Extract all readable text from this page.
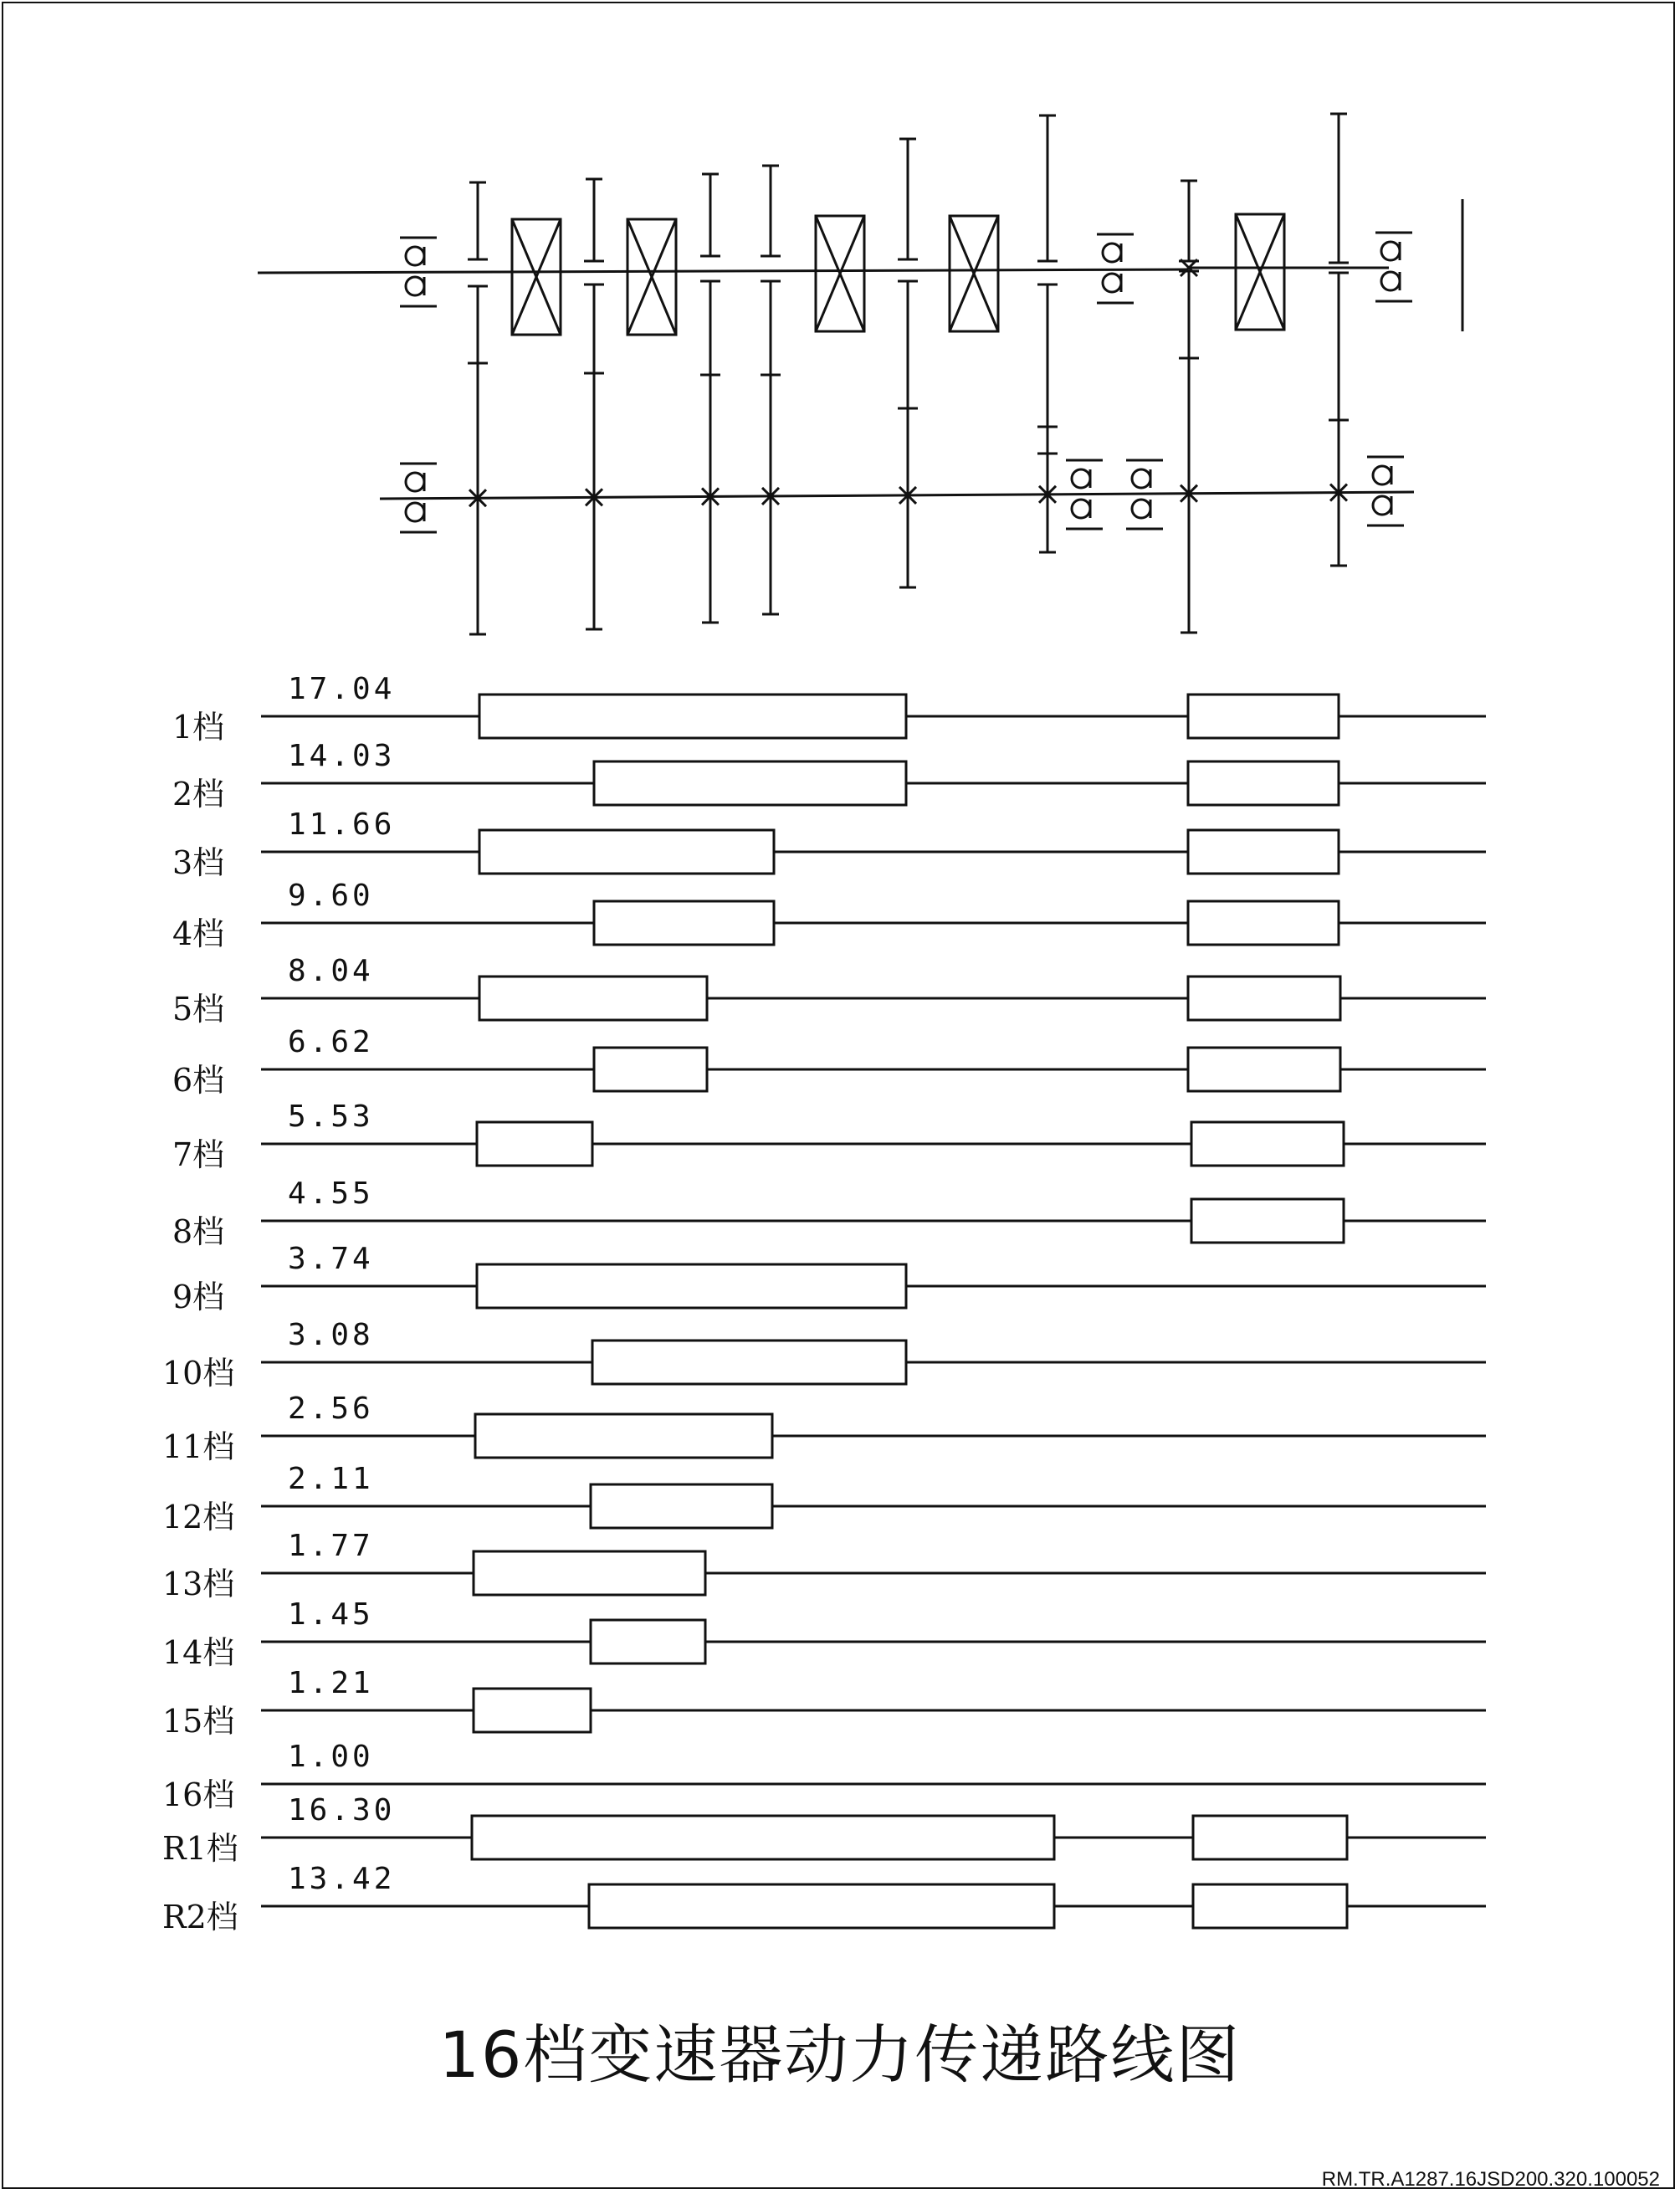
1档
17.04
2档
14.03
3档
11.66
4档
9.60
5档
8.04
6档
6.62
7档
5.53
8档
4.55
9档
3.74
10档
3.08
11档
2.56
12档
2.11
13档
1.77
14档
1.45
15档
1.21
16档
1.00
R1档
16.30
R2档
13.42
16档变速器动力传递路线图
RM.TR.A1287.16JSD200.320.100052
